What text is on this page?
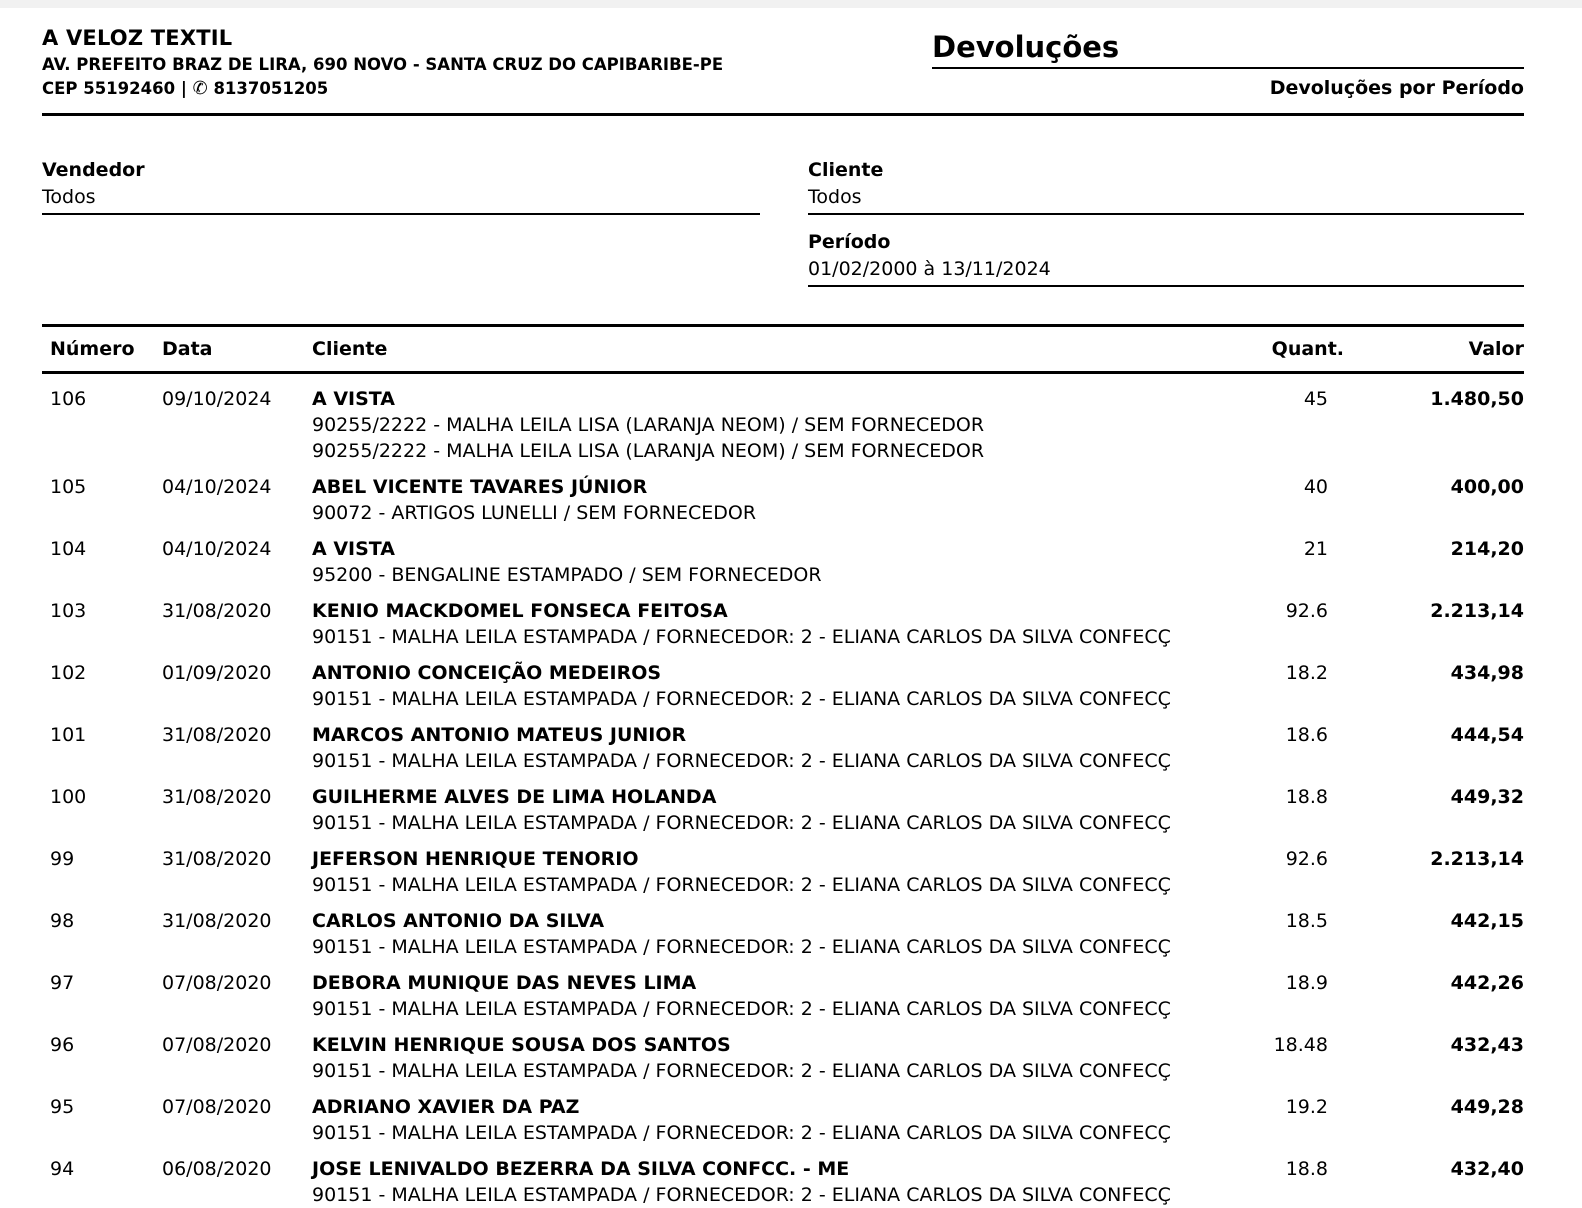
A VELOZ TEXTIL
AV. PREFEITO BRAZ DE LIRA, 690 NOVO - SANTA CRUZ DO CAPIBARIBE-PE
CEP 55192460 | ✆ 8137051205
Devoluções
Devoluções por Período
Vendedor
Todos
Cliente
Todos
Período
01/02/2000 à 13/11/2024
Número	Data	Cliente	Quant.	Valor
106	09/10/2024	A VISTA
90255/2222 - MALHA LEILA LISA (LARANJA NEOM) / SEM FORNECEDOR
90255/2222 - MALHA LEILA LISA (LARANJA NEOM) / SEM FORNECEDOR
45	1.480,50
105	04/10/2024	ABEL VICENTE TAVARES JÚNIOR
90072 - ARTIGOS LUNELLI / SEM FORNECEDOR
40	400,00
104	04/10/2024	A VISTA
95200 - BENGALINE ESTAMPADO / SEM FORNECEDOR
21	214,20
103	31/08/2020	KENIO MACKDOMEL FONSECA FEITOSA
90151 - MALHA LEILA ESTAMPADA / FORNECEDOR: 2 - ELIANA CARLOS DA SILVA CONFECÇ
92.6	2.213,14
102	01/09/2020	ANTONIO CONCEIÇÃO MEDEIROS
90151 - MALHA LEILA ESTAMPADA / FORNECEDOR: 2 - ELIANA CARLOS DA SILVA CONFECÇ
18.2	434,98
101	31/08/2020	MARCOS ANTONIO MATEUS JUNIOR
90151 - MALHA LEILA ESTAMPADA / FORNECEDOR: 2 - ELIANA CARLOS DA SILVA CONFECÇ
18.6	444,54
100	31/08/2020	GUILHERME ALVES DE LIMA HOLANDA
90151 - MALHA LEILA ESTAMPADA / FORNECEDOR: 2 - ELIANA CARLOS DA SILVA CONFECÇ
18.8	449,32
99	31/08/2020	JEFERSON HENRIQUE TENORIO
90151 - MALHA LEILA ESTAMPADA / FORNECEDOR: 2 - ELIANA CARLOS DA SILVA CONFECÇ
92.6	2.213,14
98	31/08/2020	CARLOS ANTONIO DA SILVA
90151 - MALHA LEILA ESTAMPADA / FORNECEDOR: 2 - ELIANA CARLOS DA SILVA CONFECÇ
18.5	442,15
97	07/08/2020	DEBORA MUNIQUE DAS NEVES LIMA
90151 - MALHA LEILA ESTAMPADA / FORNECEDOR: 2 - ELIANA CARLOS DA SILVA CONFECÇ
18.9	442,26
96	07/08/2020	KELVIN HENRIQUE SOUSA DOS SANTOS
90151 - MALHA LEILA ESTAMPADA / FORNECEDOR: 2 - ELIANA CARLOS DA SILVA CONFECÇ
18.48	432,43
95	07/08/2020	ADRIANO XAVIER DA PAZ
90151 - MALHA LEILA ESTAMPADA / FORNECEDOR: 2 - ELIANA CARLOS DA SILVA CONFECÇ
19.2	449,28
94	06/08/2020	JOSE LENIVALDO BEZERRA DA SILVA CONFCC. - ME
90151 - MALHA LEILA ESTAMPADA / FORNECEDOR: 2 - ELIANA CARLOS DA SILVA CONFECÇ
18.8	432,40
